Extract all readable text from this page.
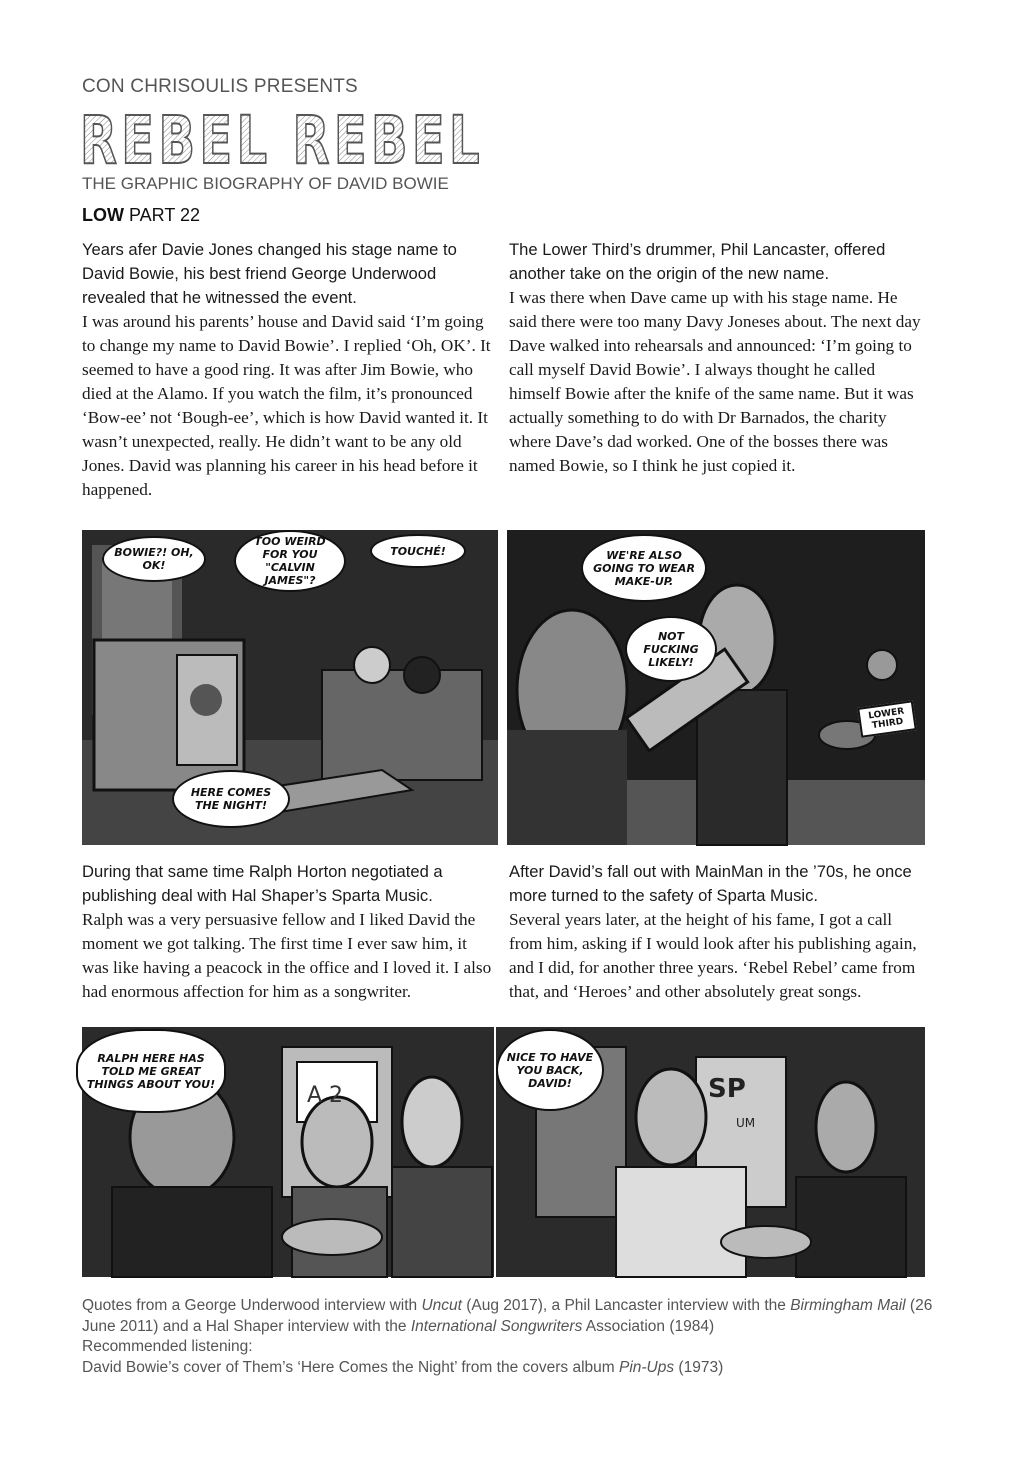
CON CHRISOULIS PRESENTS
REBEL REBEL
THE GRAPHIC BIOGRAPHY OF DAVID BOWIE
LOW PART 22

Years afer Davie Jones changed his stage name to David Bowie, his best friend George Underwood revealed that he witnessed the event.

I was around his parents’ house and David said ‘I’m going to change my name to David Bowie’. I replied ‘Oh, OK’. It seemed to have a good ring. It was after Jim Bowie, who died at the Alamo. If you watch the film, it’s pronounced ‘Bow-ee’ not ‘Bough-ee’, which is how David wanted it. It wasn’t unexpected, really. He didn’t want to be any old Jones. David was planning his career in his head before it happened.

The Lower Third’s drummer, Phil Lancaster, offered another take on the origin of the new name.

I was there when Dave came up with his stage name. He said there were too many Davy Joneses about. The next day Dave walked into rehearsals and announced: ‘I’m going to call myself David Bowie’. I always thought he called himself Bowie after the knife of the same name. But it was actually something to do with Dr Barnados, the charity where Dave’s dad worked. One of the bosses there was named Bowie, so I think he just copied it.

BOWIE?! OH, OK!
TOO WEIRD FOR YOU "CALVIN JAMES"?
TOUCHÉ!
HERE COMES THE NIGHT!
WE'RE ALSO GOING TO WEAR MAKE-UP.
NOT FUCKING LIKELY!
LOWER THIRD

During that same time Ralph Horton negotiated a publishing deal with Hal Shaper’s Sparta Music.

Ralph was a very persuasive fellow and I liked David the moment we got talking. The first time I ever saw him, it was like having a peacock in the office and I loved it. I also had enormous affection for him as a songwriter.

After David’s fall out with MainMan in the ’70s, he once more turned to the safety of Sparta Music.

Several years later, at the height of his fame, I got a call from him, asking if I would look after his publishing again, and I did, for another three years. ‘Rebel Rebel’ came from that, and ‘Heroes’ and other absolutely great songs.

A 2
RALPH HERE HAS TOLD ME GREAT THINGS ABOUT YOU!	SP
UM
NICE TO HAVE YOU BACK, DAVID!

Quotes from a George Underwood interview with Uncut (Aug 2017), a Phil Lancaster interview with the Birmingham Mail (26 June 2011) and a Hal Shaper interview with the International Songwriters Association (1984)

Recommended listening:

David Bowie’s cover of Them’s ‘Here Comes the Night’ from the covers album Pin-Ups (1973)
